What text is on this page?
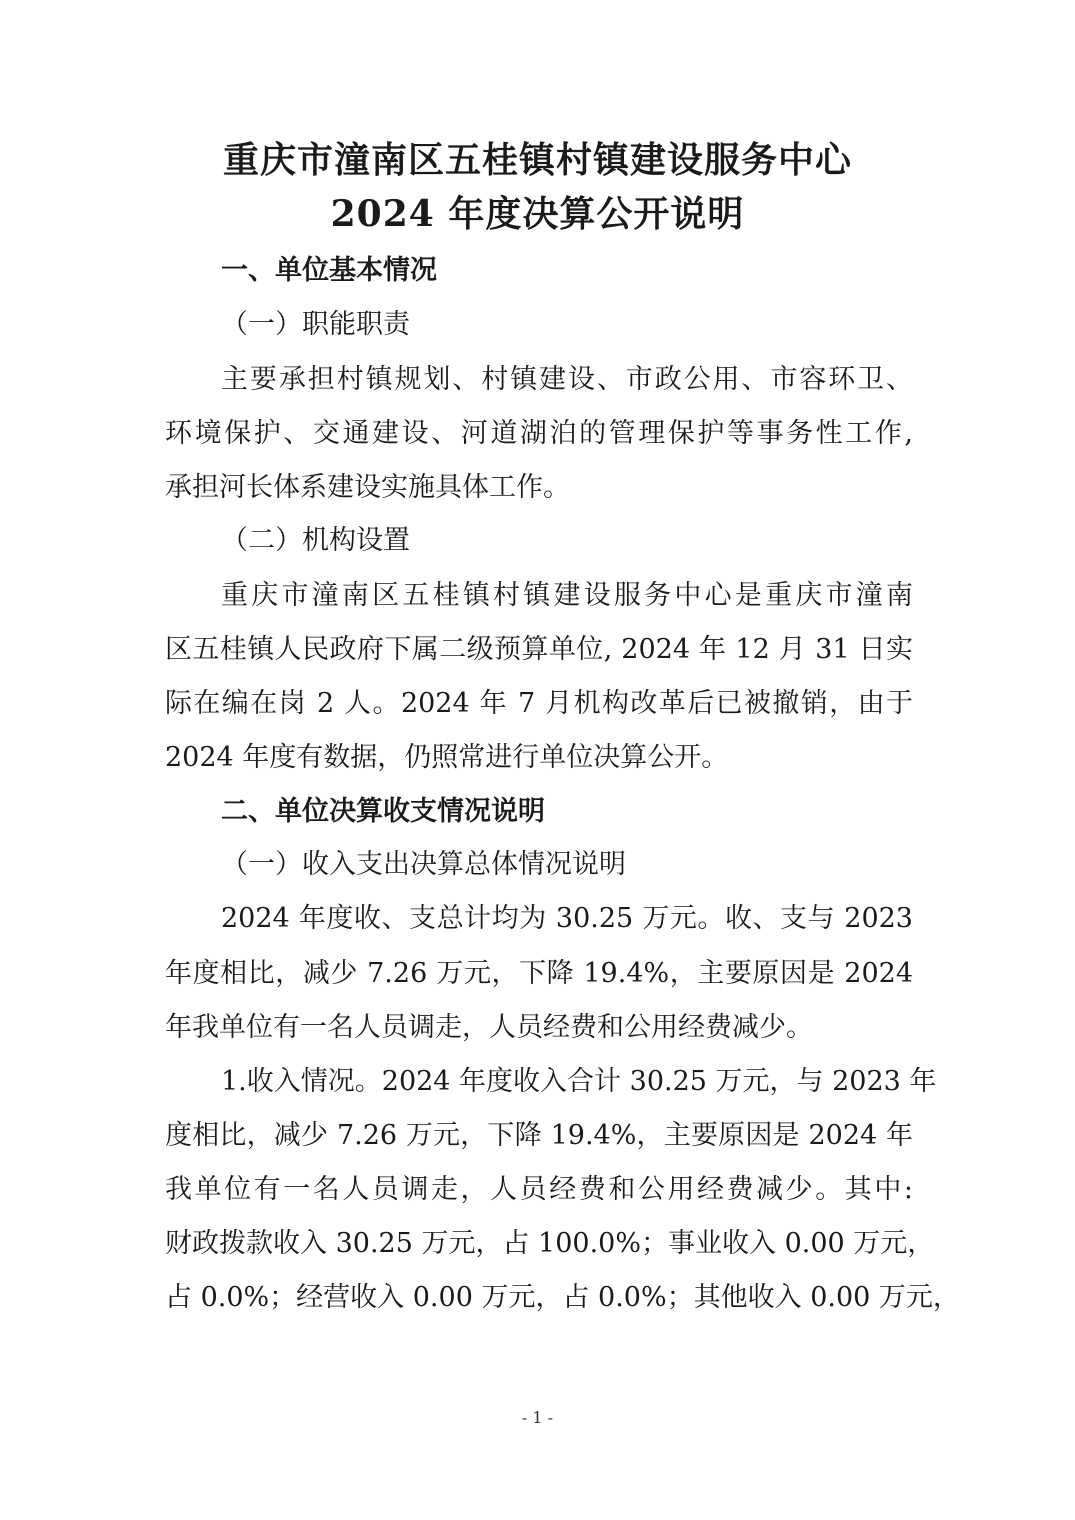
重庆市潼南区五桂镇村镇建设服务中心
2024 年度决算公开说明
一、单位基本情况
（一）职能职责
主要承担村镇规划、村镇建设、市政公用、市容环卫、
环境保护、交通建设、河道湖泊的管理保护等事务性工作,
承担河长体系建设实施具体工作。
（二）机构设置
重庆市潼南区五桂镇村镇建设服务中心是重庆市潼南
区五桂镇人民政府下属二级预算单位, 2024 年 12 月 31 日实
际在编在岗 2 人。2024 年 7 月机构改革后已被撤销，由于
2024 年度有数据，仍照常进行单位决算公开。
二、单位决算收支情况说明
（一）收入支出决算总体情况说明
2024 年度收、支总计均为 30.25 万元。收、支与 2023
年度相比，减少 7.26 万元，下降 19.4%，主要原因是 2024
年我单位有一名人员调走，人员经费和公用经费减少。
1.收入情况。2024 年度收入合计 30.25 万元，与 2023 年
度相比，减少 7.26 万元，下降 19.4%，主要原因是 2024 年
我单位有一名人员调走，人员经费和公用经费减少。其中:
财政拨款收入 30.25 万元，占 100.0%；事业收入 0.00 万元，
占 0.0%；经营收入 0.00 万元，占 0.0%；其他收入 0.00 万元，
- 1 -
